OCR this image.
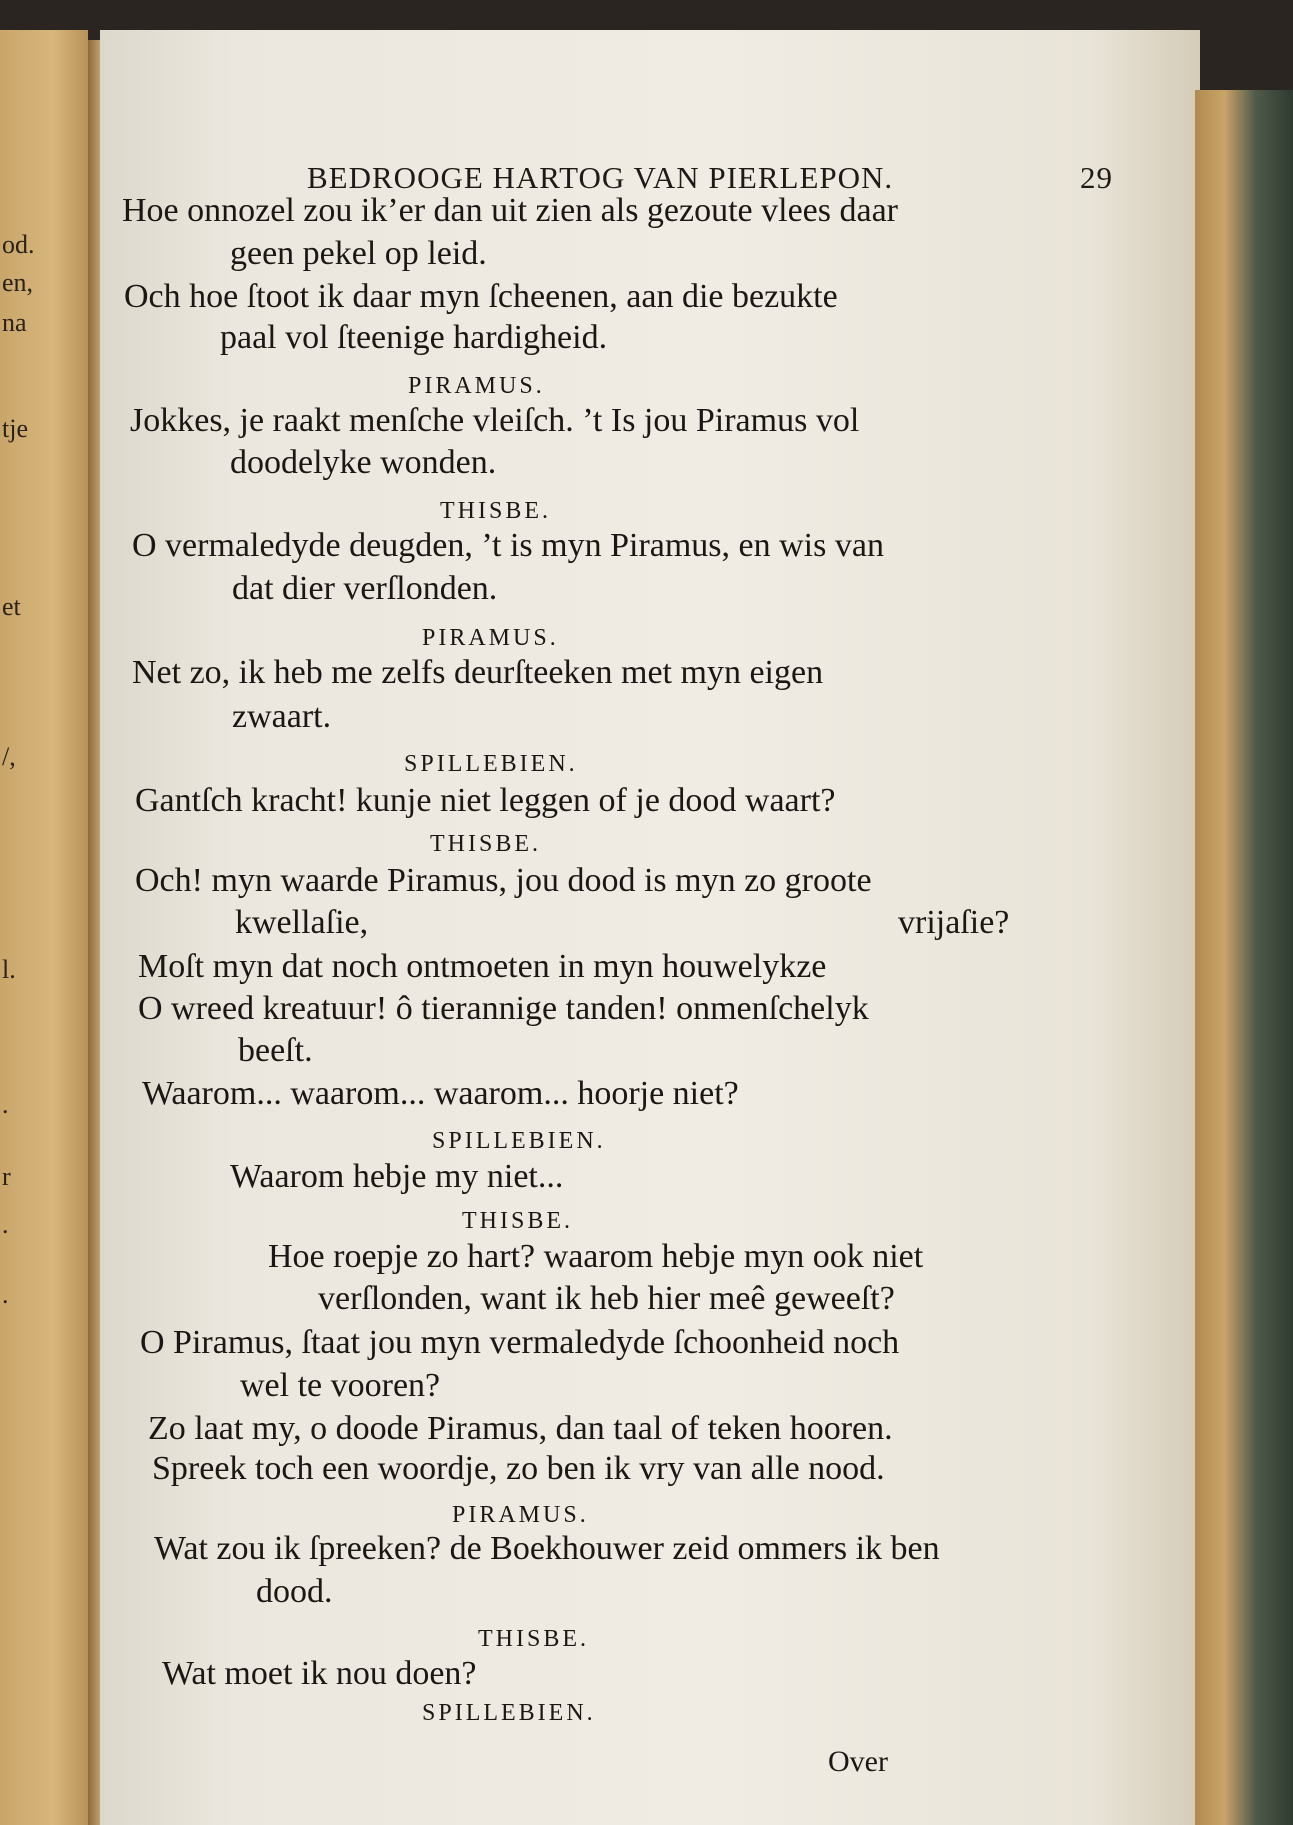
od.
en,
na
tje
et
/,
l.
.
r
.
.
BEDROOGE HARTOG VAN PIERLEPON.	29
Hoe onnozel zou ik’er dan uit zien als gezoute vlees daar
geen pekel op leid.
Och hoe ſtoot ik daar myn ſcheenen, aan die bezukte
paal vol ſteenige hardigheid.
PIRAMUS.
Jokkes, je raakt menſche vleiſch. ’t Is jou Piramus vol
doodelyke wonden.
THISBE.
O vermaledyde deugden, ’t is myn Piramus, en wis van
dat dier verſlonden.
PIRAMUS.
Net zo, ik heb me zelfs deurſteeken met myn eigen
zwaart.
SPILLEBIEN.
Gantſch kracht! kunje niet leggen of je dood waart?
THISBE.
Och! myn waarde Piramus, jou dood is myn zo groote
kwellaſie,	vrijaſie?
Moſt myn dat noch ontmoeten in myn houwelykze
O wreed kreatuur! ô tierannige tanden! onmenſchelyk
beeſt.
Waarom... waarom... waarom... hoorje niet?
SPILLEBIEN.
Waarom hebje my niet...
THISBE.
Hoe roepje zo hart? waarom hebje myn ook niet
verſlonden, want ik heb hier meê geweeſt?
O Piramus, ſtaat jou myn vermaledyde ſchoonheid noch
wel te vooren?
Zo laat my, o doode Piramus, dan taal of teken hooren.
Spreek toch een woordje, zo ben ik vry van alle nood.
PIRAMUS.
Wat zou ik ſpreeken? de Boekhouwer zeid ommers ik ben
dood.
THISBE.
Wat moet ik nou doen?
SPILLEBIEN.
Over
